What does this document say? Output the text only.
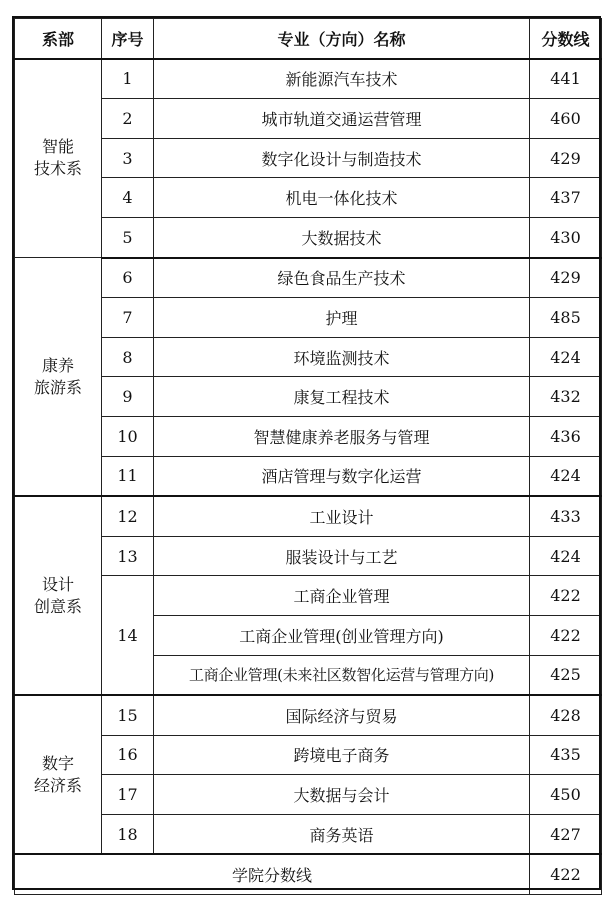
系部	序号	专业（方向）名称	分数线

智能
技术系	1	新能源汽车技术	441
	2	城市轨道交通运营管理	460
	3	数字化设计与制造技术	429
	4	机电一体化技术	437
	5	大数据技术	430

康养
旅游系	6	绿色食品生产技术	429
	7	护理	485
	8	环境监测技术	424
	9	康复工程技术	432
	10	智慧健康养老服务与管理	436
	11	酒店管理与数字化运营	424

设计
创意系	12	工业设计	433
	13	服装设计与工艺	424
	14	工商企业管理	422
		工商企业管理(创业管理方向)	422
		工商企业管理(未来社区数智化运营与管理方向)	425

数字
经济系	15	国际经济与贸易	428
	16	跨境电子商务	435
	17	大数据与会计	450
	18	商务英语	427
学院分数线			422
